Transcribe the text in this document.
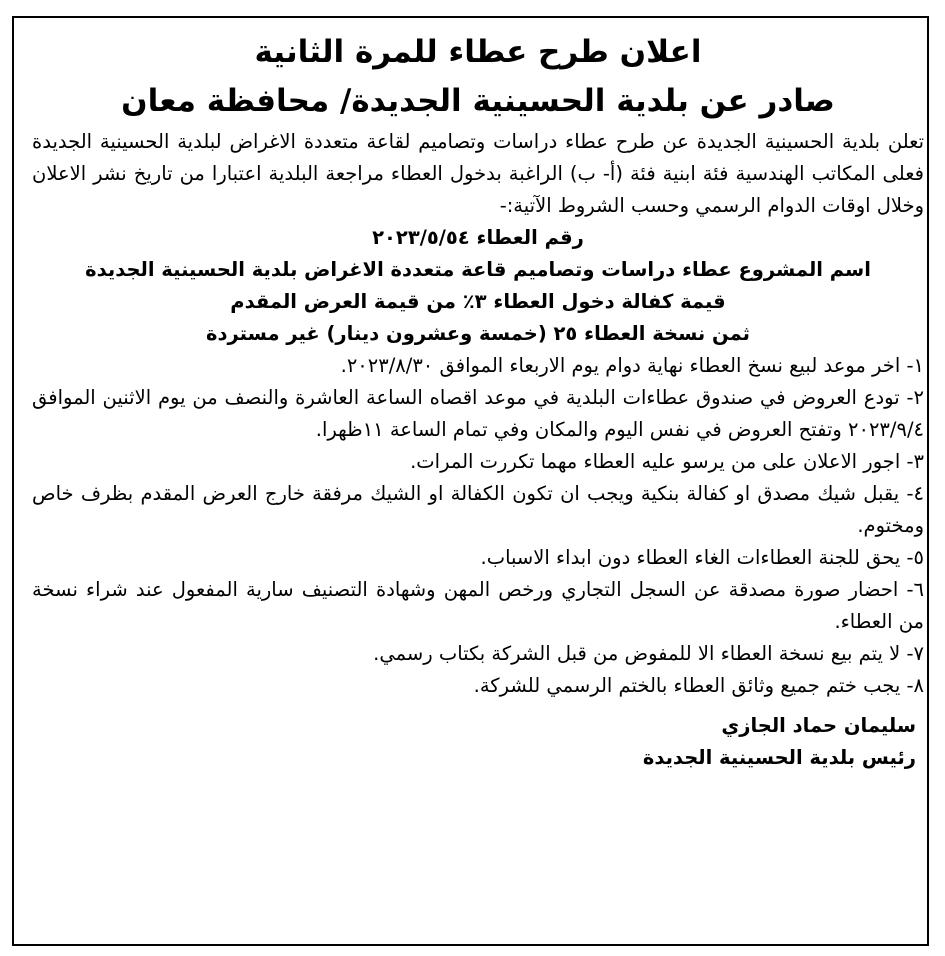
اعلان طرح عطاء للمرة الثانية

صادر عن بلدية الحسينية الجديدة/ محافظة معان

تعلن بلدية الحسينية الجديدة عن طرح عطاء دراسات وتصاميم لقاعة متعددة الاغراض لبلدية الحسينية الجديدة فعلى المكاتب الهندسية فئة ابنية فئة (أ- ب) الراغبة بدخول العطاء مراجعة البلدية اعتبارا من تاريخ نشر الاعلان وخلال اوقات الدوام الرسمي وحسب الشروط الآتية:-

رقم العطاء ٢٠٢٣/٥/٥٤

اسم المشروع عطاء دراسات وتصاميم قاعة متعددة الاغراض بلدية الحسينية الجديدة

قيمة كفالة دخول العطاء ٣٪ من قيمة العرض المقدم

ثمن نسخة العطاء ٢٥ (خمسة وعشرون دينار) غير مستردة

١- اخر موعد لبيع نسخ العطاء نهاية دوام يوم الاربعاء الموافق ٢٠٢٣/٨/٣٠.

٢- تودع العروض في صندوق عطاءات البلدية في موعد اقصاه الساعة العاشرة والنصف من يوم الاثنين الموافق ٢٠٢٣/٩/٤ وتفتح العروض في نفس اليوم والمكان وفي تمام الساعة ١١ظهرا.

٣- اجور الاعلان على من يرسو عليه العطاء مهما تكررت المرات.

٤- يقبل شيك مصدق او كفالة بنكية ويجب ان تكون الكفالة او الشيك مرفقة خارج العرض المقدم بظرف خاص ومختوم.

٥- يحق للجنة العطاءات الغاء العطاء دون ابداء الاسباب.

٦- احضار صورة مصدقة عن السجل التجاري ورخص المهن وشهادة التصنيف سارية المفعول عند شراء نسخة من العطاء.

٧- لا يتم بيع نسخة العطاء الا للمفوض من قبل الشركة بكتاب رسمي.

٨- يجب ختم جميع وثائق العطاء بالختم الرسمي للشركة.

سليمان حماد الجازي

رئيس بلدية الحسينية الجديدة
